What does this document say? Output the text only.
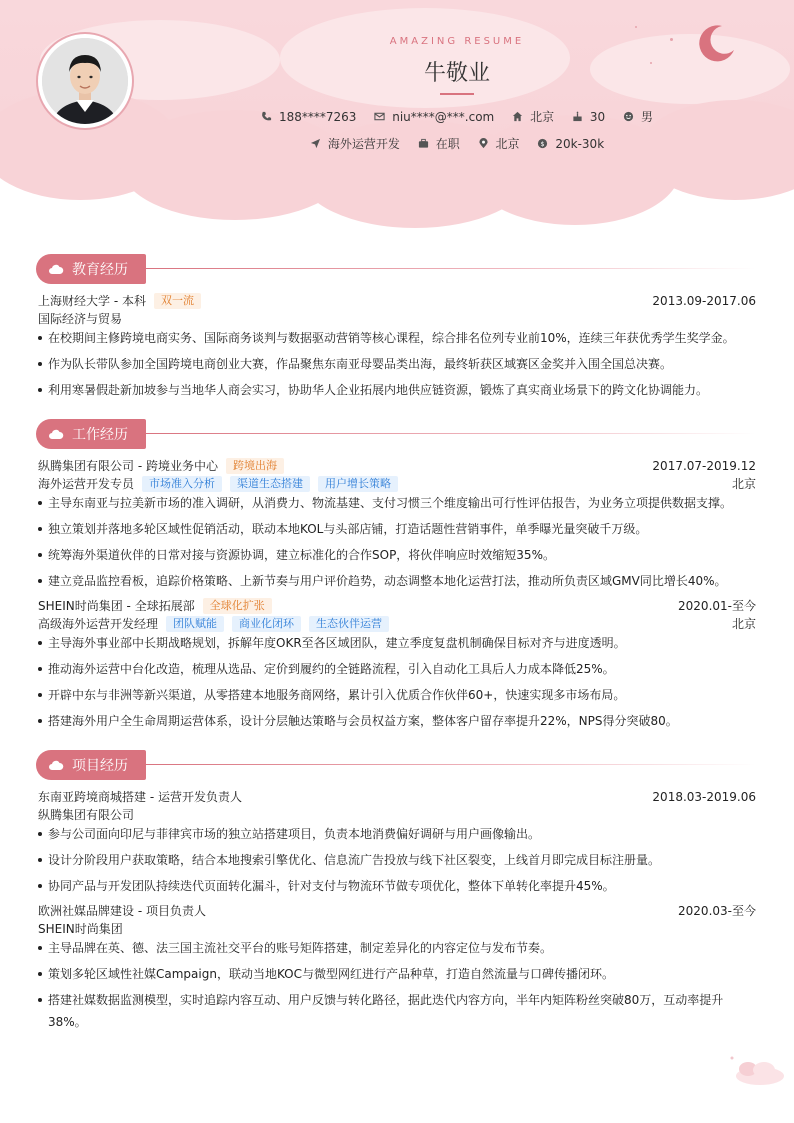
AMAZING RESUME
牛敬业
188****7263
	niu****@***.com
	北京
	30
	男
海外运营开发
	在职
	北京
	$ 20k-30k
教育经历
上海财经大学 - 本科	双一流	2013.09-2017.06
国际经济与贸易
在校期间主修跨境电商实务、国际商务谈判与数据驱动营销等核心课程，综合排名位列专业前10%，连续三年获优秀学生奖学金。
作为队长带队参加全国跨境电商创业大赛，作品聚焦东南亚母婴品类出海，最终斩获区域赛区金奖并入围全国总决赛。
利用寒暑假赴新加坡参与当地华人商会实习，协助华人企业拓展内地供应链资源，锻炼了真实商业场景下的跨文化协调能力。
工作经历
纵腾集团有限公司 - 跨境业务中心	跨境出海	2017.07-2019.12
海外运营开发专员	市场准入分析	渠道生态搭建	用户增长策略	北京
主导东南亚与拉美新市场的准入调研，从消费力、物流基建、支付习惯三个维度输出可行性评估报告，为业务立项提供数据支撑。
独立策划并落地多轮区域性促销活动，联动本地KOL与头部店铺，打造话题性营销事件，单季曝光量突破千万级。
统筹海外渠道伙伴的日常对接与资源协调，建立标准化的合作SOP，将伙伴响应时效缩短35%。
建立竞品监控看板，追踪价格策略、上新节奏与用户评价趋势，动态调整本地化运营打法，推动所负责区域GMV同比增长40%。
SHEIN时尚集团 - 全球拓展部	全球化扩张	2020.01-至今
高级海外运营开发经理	团队赋能	商业化闭环	生态伙伴运营	北京
主导海外事业部中长期战略规划，拆解年度OKR至各区域团队，建立季度复盘机制确保目标对齐与进度透明。
推动海外运营中台化改造，梳理从选品、定价到履约的全链路流程，引入自动化工具后人力成本降低25%。
开辟中东与非洲等新兴渠道，从零搭建本地服务商网络，累计引入优质合作伙伴60+，快速实现多市场布局。
搭建海外用户全生命周期运营体系，设计分层触达策略与会员权益方案，整体客户留存率提升22%，NPS得分突破80。
项目经历
东南亚跨境商城搭建 - 运营开发负责人	2018.03-2019.06
纵腾集团有限公司
参与公司面向印尼与菲律宾市场的独立站搭建项目，负责本地消费偏好调研与用户画像输出。
设计分阶段用户获取策略，结合本地搜索引擎优化、信息流广告投放与线下社区裂变，上线首月即完成目标注册量。
协同产品与开发团队持续迭代页面转化漏斗，针对支付与物流环节做专项优化，整体下单转化率提升45%。
欧洲社媒品牌建设 - 项目负责人	2020.03-至今
SHEIN时尚集团
主导品牌在英、德、法三国主流社交平台的账号矩阵搭建，制定差异化的内容定位与发布节奏。
策划多轮区域性社媒Campaign，联动当地KOC与微型网红进行产品种草，打造自然流量与口碑传播闭环。
搭建社媒数据监测模型，实时追踪内容互动、用户反馈与转化路径，据此迭代内容方向，半年内矩阵粉丝突破80万，互动率提升38%。
